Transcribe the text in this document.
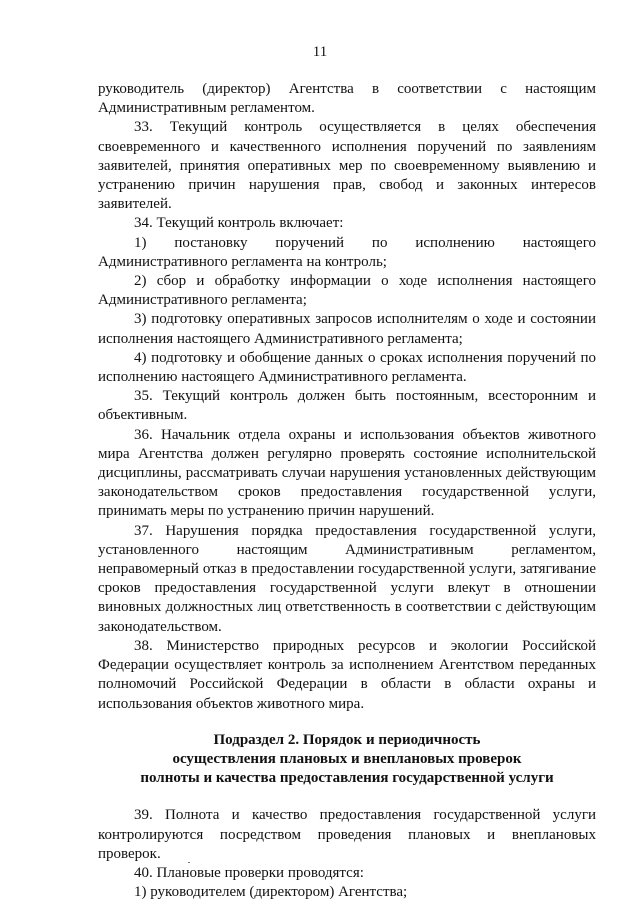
11

руководитель (директор) Агентства в соответствии с настоящим Административным регламентом.

33. Текущий контроль осуществляется в целях обеспечения своевременного и качественного исполнения поручений по заявлениям заявителей, принятия оперативных мер по своевременному выявлению и устранению причин нарушения прав, свобод и законных интересов заявителей.

34. Текущий контроль включает:

1) постановку поручений по исполнению настоящего Административного регламента на контроль;

2) сбор и обработку информации о ходе исполнения настоящего Административного регламента;

3) подготовку оперативных запросов исполнителям о ходе и состоянии исполнения настоящего Административного регламента;

4) подготовку и обобщение данных о сроках исполнения поручений по исполнению настоящего Административного регламента.

35. Текущий контроль должен быть постоянным, всесторонним и объективным.

36. Начальник отдела охраны и использования объектов животного мира Агентства должен регулярно проверять состояние исполнительской дисциплины, рассматривать случаи нарушения установленных действующим законодательством сроков предоставления государственной услуги, принимать меры по устранению причин нарушений.

37. Нарушения порядка предоставления государственной услуги, установленного настоящим Административным регламентом, неправомерный отказ в предоставлении государственной услуги, затягивание сроков предоставления государственной услуги влекут в отношении виновных должностных лиц ответственность в соответствии с действующим законодательством.

38. Министерство природных ресурсов и экологии Российской Федерации осуществляет контроль за исполнением Агентством переданных полномочий Российской Федерации в области в области охраны и использования объектов животного мира.

Подраздел 2. Порядок и периодичность
осуществления плановых и внеплановых проверок
полноты и качества предоставления государственной услуги

39. Полнота и качество предоставления государственной услуги контролируются посредством проведения плановых и внеплановых проверок.

40. Плановые проверки проводятся:

1) руководителем (директором) Агентства;
